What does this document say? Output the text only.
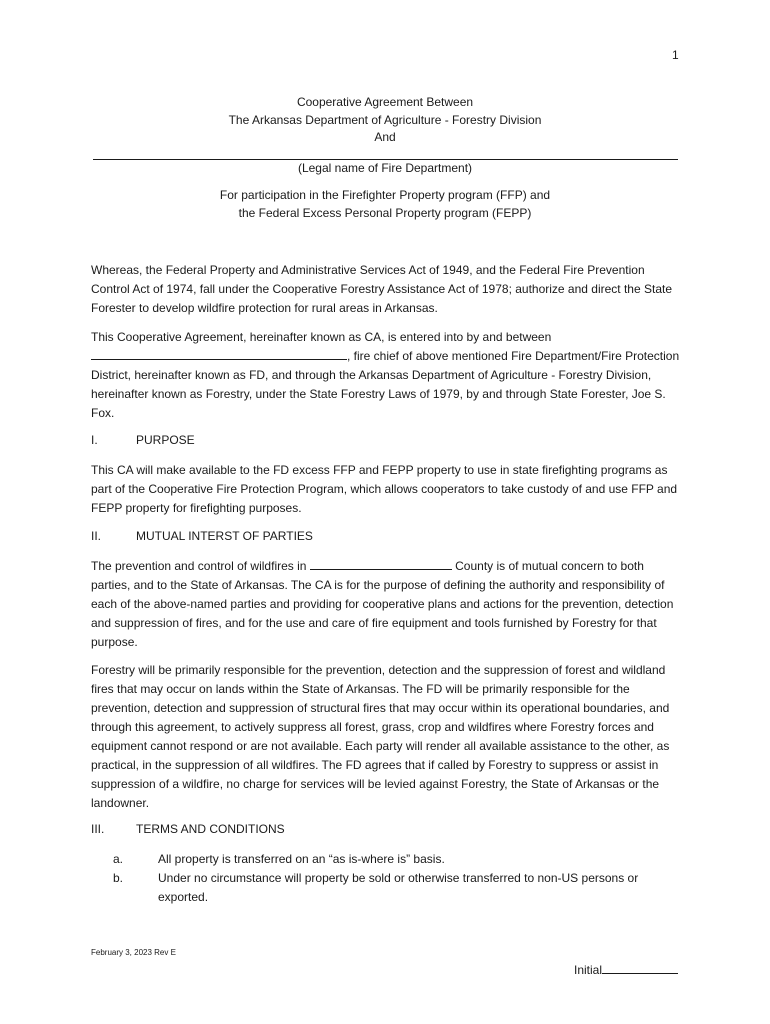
1
Cooperative Agreement Between
The Arkansas Department of Agriculture - Forestry Division
And
(Legal name of Fire Department)
For participation in the Firefighter Property program (FFP) and
the Federal Excess Personal Property program (FEPP)

Whereas, the Federal Property and Administrative Services Act of 1949, and the Federal Fire Prevention Control Act of 1974, fall under the Cooperative Forestry Assistance Act of 1978; authorize and direct the State Forester to develop wildfire protection for rural areas in Arkansas.

This Cooperative Agreement, hereinafter known as CA, is entered into by and between
, fire chief of above mentioned Fire Department/Fire Protection District, hereinafter known as FD, and through the Arkansas Department of Agriculture - Forestry Division, hereinafter known as Forestry, under the State Forestry Laws of 1979, by and through State Forester, Joe S. Fox.

I.	PURPOSE

This CA will make available to the FD excess FFP and FEPP property to use in state firefighting programs as part of the Cooperative Fire Protection Program, which allows cooperators to take custody of and use FFP and FEPP property for firefighting purposes.

II.	MUTUAL INTERST OF PARTIES

The prevention and control of wildfires in	County is of mutual concern to both parties, and to the State of Arkansas. The CA is for the purpose of defining the authority and responsibility of each of the above-named parties and providing for cooperative plans and actions for the prevention, detection and suppression of fires, and for the use and care of fire equipment and tools furnished by Forestry for that purpose.

Forestry will be primarily responsible for the prevention, detection and the suppression of forest and wildland fires that may occur on lands within the State of Arkansas. The FD will be primarily responsible for the prevention, detection and suppression of structural fires that may occur within its operational boundaries, and through this agreement, to actively suppress all forest, grass, crop and wildfires where Forestry forces and equipment cannot respond or are not available. Each party will render all available assistance to the other, as practical, in the suppression of all wildfires. The FD agrees that if called by Forestry to suppress or assist in suppression of a wildfire, no charge for services will be levied against Forestry, the State of Arkansas or the landowner.

III.	TERMS AND CONDITIONS
a.	All property is transferred on an “as is-where is” basis.
b.	Under no circumstance will property be sold or otherwise transferred to non-US persons or exported.
February 3, 2023 Rev E
Initial
